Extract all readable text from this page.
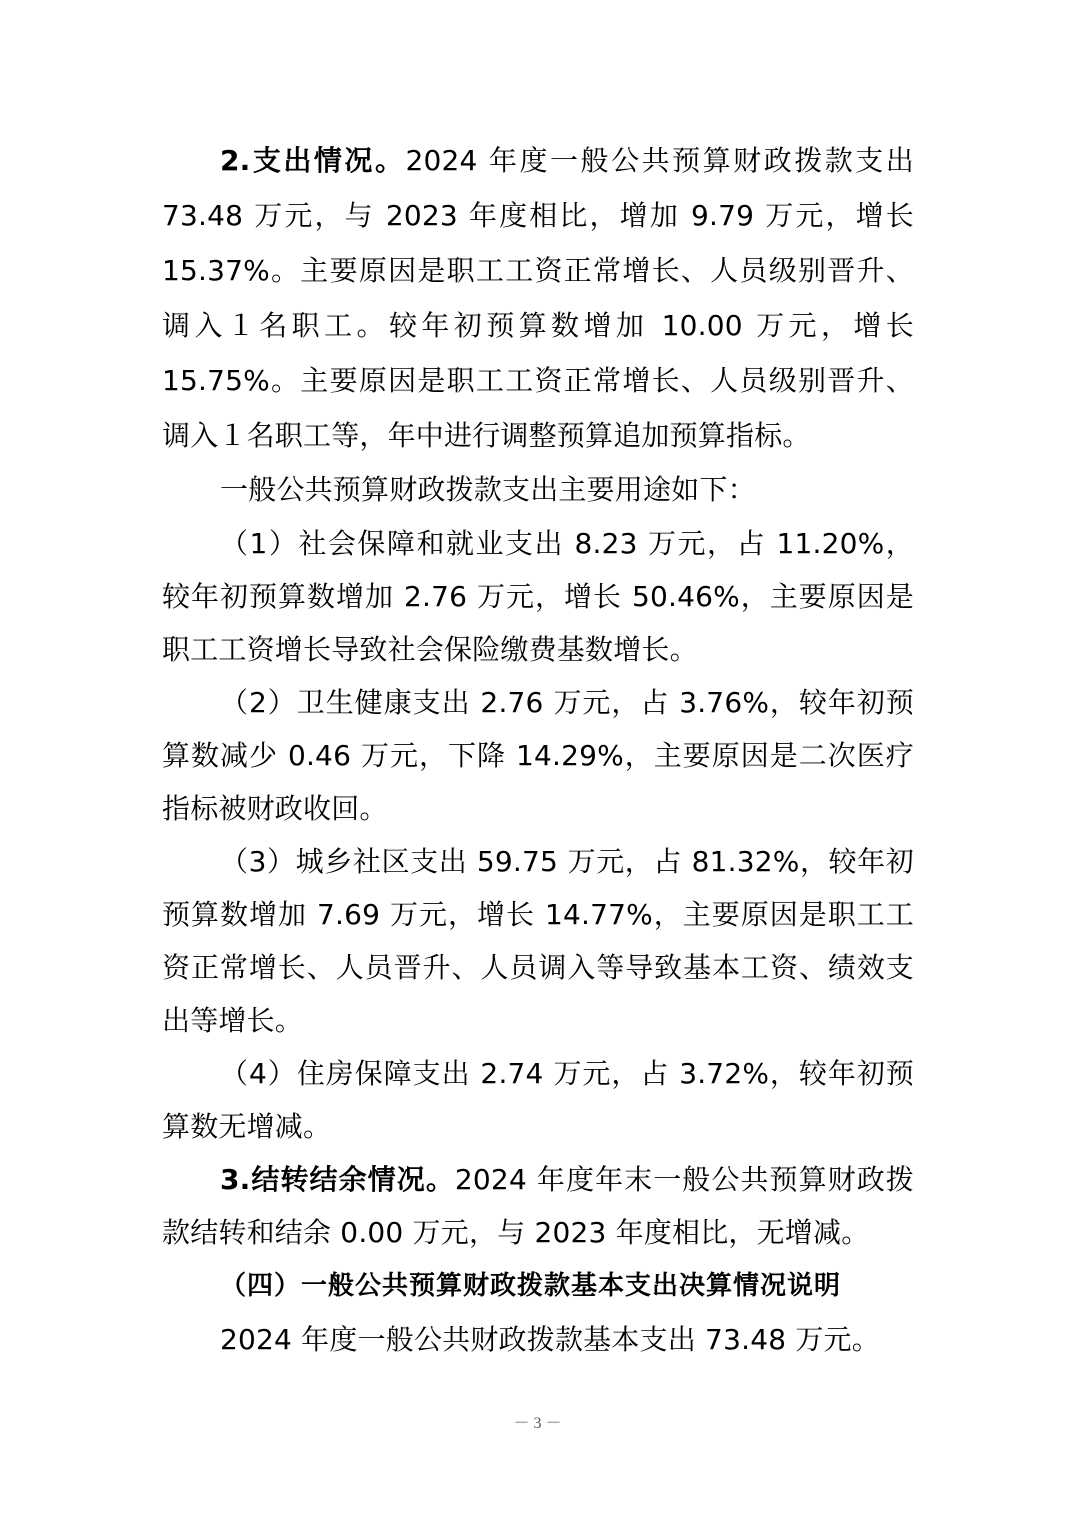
2.支出情况。2024 年度一般公共预算财政拨款支出 73.48 万元，与 2023 年度相比，增加 9.79 万元，增长 15.37%。主要原因是职工工资正常增长、人员级别晋升、调入１名职工。较年初预算数增加 10.00 万元，增长 15.75%。主要原因是职工工资正常增长、人员级别晋升、调入１名职工等，年中进行调整预算追加预算指标。

一般公共预算财政拨款支出主要用途如下：

（1）社会保障和就业支出 8.23 万元，占 11.20%，较年初预算数增加 2.76 万元，增长 50.46%，主要原因是职工工资增长导致社会保险缴费基数增长。

（2）卫生健康支出 2.76 万元，占 3.76%，较年初预算数减少 0.46 万元，下降 14.29%，主要原因是二次医疗指标被财政收回。

（3）城乡社区支出 59.75 万元，占 81.32%，较年初预算数增加 7.69 万元，增长 14.77%，主要原因是职工工资正常增长、人员晋升、人员调入等导致基本工资、绩效支出等增长。

（4）住房保障支出 2.74 万元，占 3.72%，较年初预算数无增减。

3.结转结余情况。2024 年度年末一般公共预算财政拨款结转和结余 0.00 万元，与 2023 年度相比，无增减。

（四）一般公共预算财政拨款基本支出决算情况说明

2024 年度一般公共财政拨款基本支出 73.48 万元。

－ 3 －
